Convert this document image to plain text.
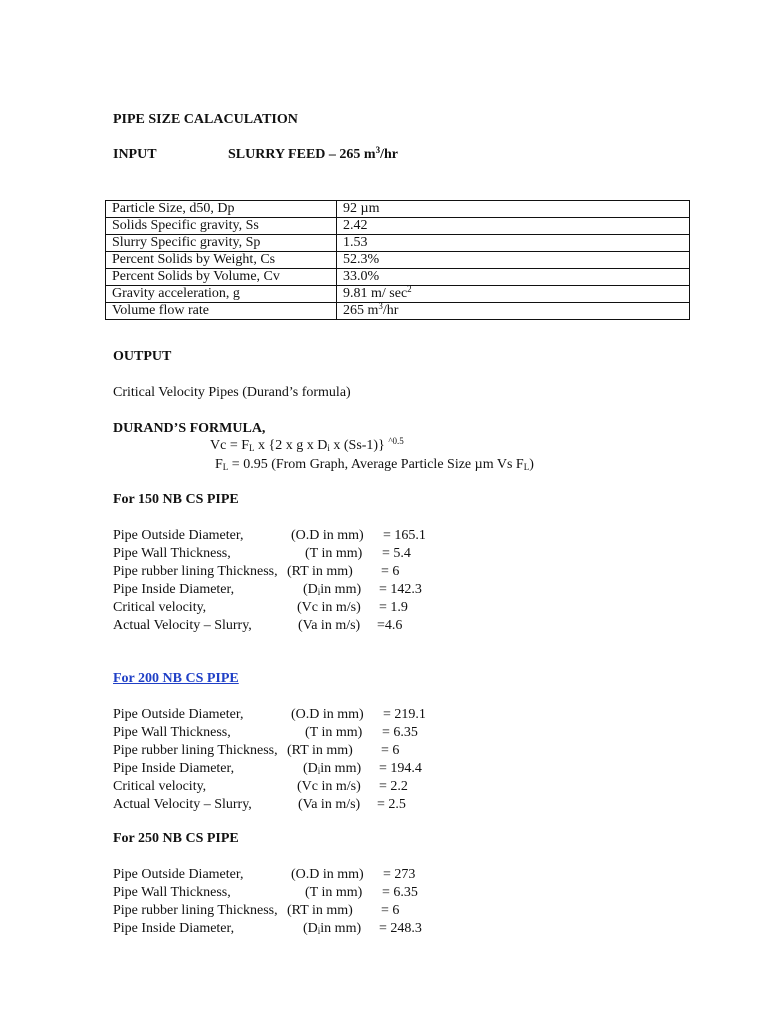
PIPE SIZE CALACULATION
INPUT	SLURRY FEED – 265 $m^3/hr$
Particle Size, d50, Dp	92 µm
Solids Specific gravity, Ss	2.42
Slurry Specific gravity, Sp	1.53
Percent Solids by Weight, Cs	52.3%
Percent Solids by Volume, Cv	33.0%
Gravity acceleration, g	9.81 m/ $\sec^2$
Volume flow rate	265 $m^3/hr$
OUTPUT
Critical Velocity Pipes (Durand’s formula)
DURAND’S FORMULA,
$Vc = F_L$ x {2 x g x $D_i$ x (Ss-1)} $^{\^{}0.5}$
$F_L = 0.95$ (From Graph, Average Particle Size µm Vs $F_L$)
For 150 NB CS PIPE
Pipe Outside Diameter,	(O.D in mm) = 165.1
Pipe Wall Thickness,	(T in mm) = 5.4
Pipe rubber lining Thickness, (RT in mm) = 6
Pipe Inside Diameter,	($D_iin$ mm) = 142.3
Critical velocity,	(Vc in m/s) = 1.9
Actual Velocity – Slurry,	(Va in m/s) =4.6
For 200 NB CS PIPE
Pipe Outside Diameter,	(O.D in mm) = 219.1
Pipe Wall Thickness,	(T in mm) = 6.35
Pipe rubber lining Thickness, (RT in mm) = 6
Pipe Inside Diameter,	($D_iin$ mm) = 194.4
Critical velocity,	(Vc in m/s) = 2.2
Actual Velocity – Slurry,	(Va in m/s) = 2.5
For 250 NB CS PIPE
Pipe Outside Diameter,	(O.D in mm) = 273
Pipe Wall Thickness,	(T in mm) = 6.35
Pipe rubber lining Thickness, (RT in mm) = 6
Pipe Inside Diameter,	($D_iin$ mm) = 248.3
